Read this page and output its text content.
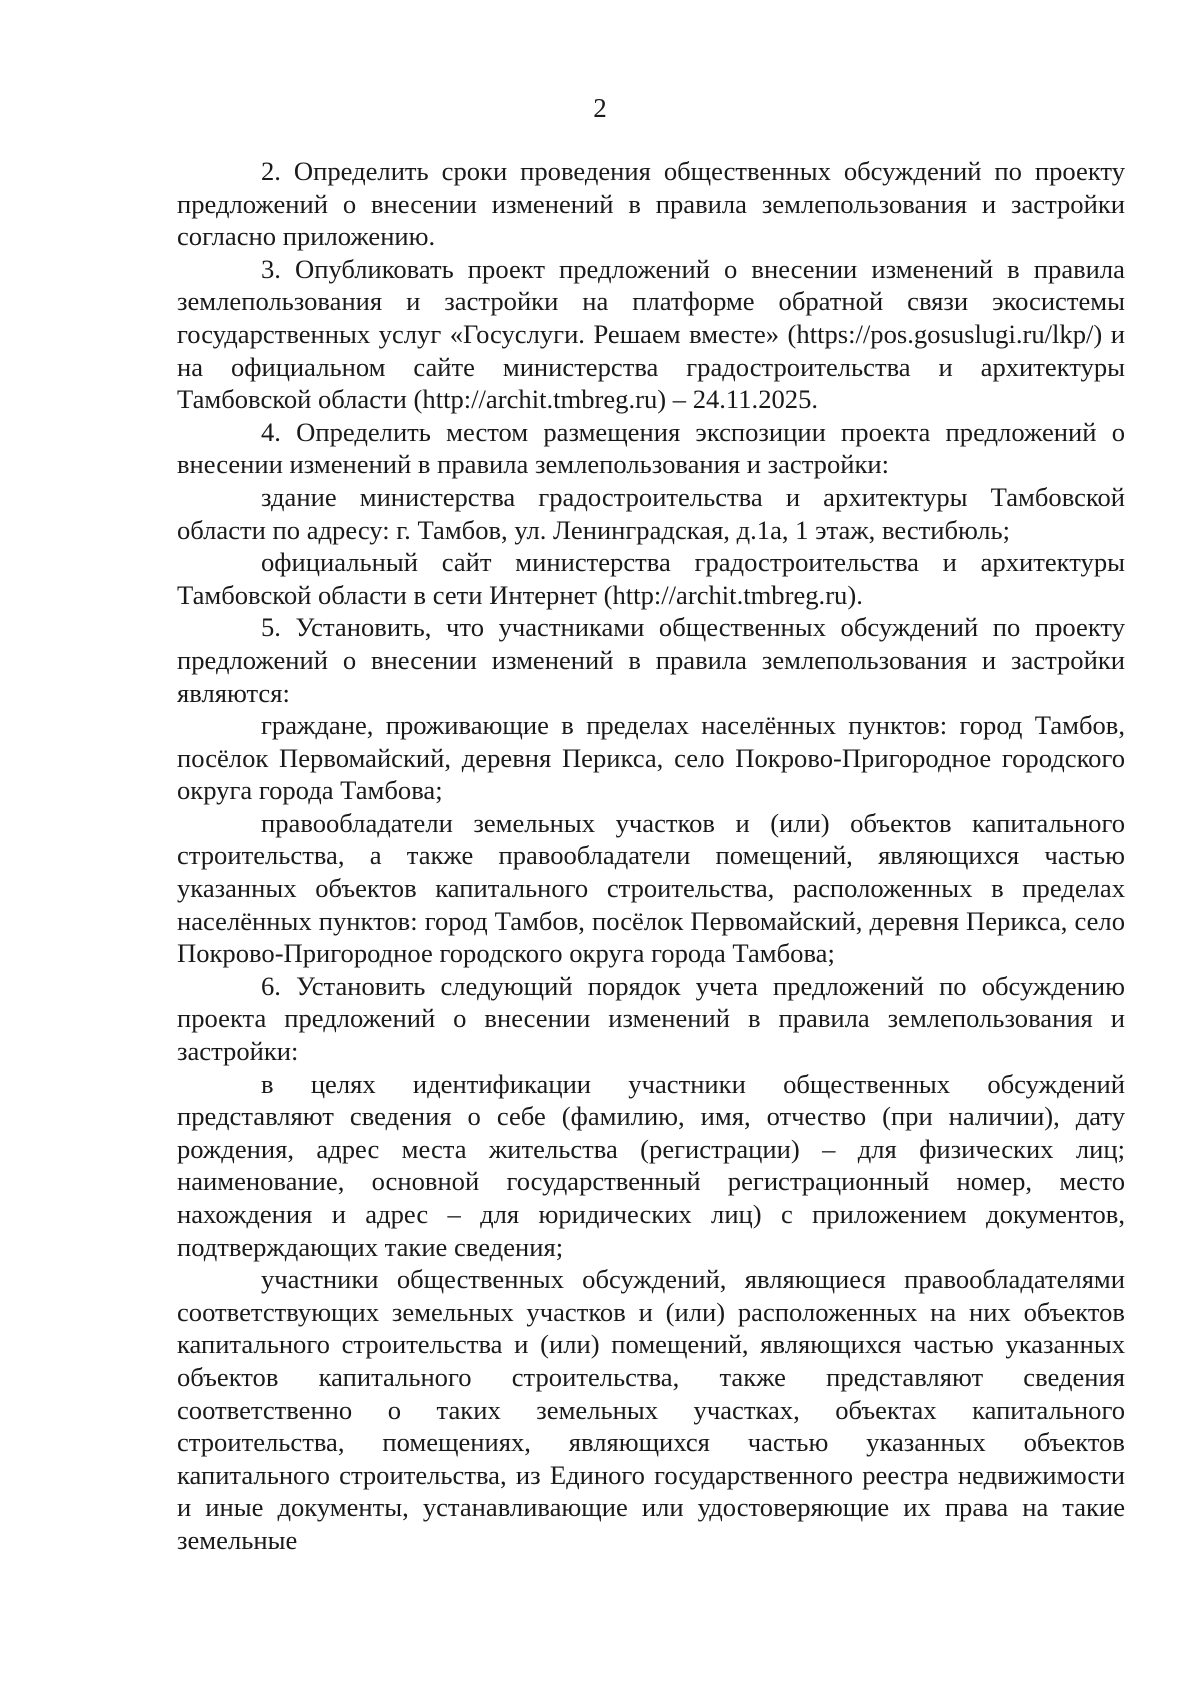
2

2. Определить сроки проведения общественных обсуждений по проекту предложений о внесении изменений в правила землепользования и застройки согласно приложению.

3. Опубликовать проект предложений о внесении изменений в правила землепользования и застройки на платформе обратной связи экосистемы государственных услуг «Госуслуги. Решаем вместе» (https://pos.gosuslugi.ru/lkp/) и на официальном сайте министерства градостроительства и архитектуры Тамбовской области (http://archit.tmbreg.ru) – 24.11.2025.

4. Определить местом размещения экспозиции проекта предложений о внесении изменений в правила землепользования и застройки:

здание министерства градостроительства и архитектуры Тамбовской области по адресу: г. Тамбов, ул. Ленинградская, д.1а, 1 этаж, вестибюль;

официальный сайт министерства градостроительства и архитектуры Тамбовской области в сети Интернет (http://archit.tmbreg.ru).

5. Установить, что участниками общественных обсуждений по проекту предложений о внесении изменений в правила землепользования и застройки являются:

граждане, проживающие в пределах населённых пунктов: город Тамбов, посёлок Первомайский, деревня Перикса, село Покрово-Пригородное городского округа города Тамбова;

правообладатели земельных участков и (или) объектов капитального строительства, а также правообладатели помещений, являющихся частью указанных объектов капитального строительства, расположенных в пределах населённых пунктов: город Тамбов, посёлок Первомайский, деревня Перикса, село Покрово-Пригородное городского округа города Тамбова;

6. Установить следующий порядок учета предложений по обсуждению проекта предложений о внесении изменений в правила землепользования и застройки:

в целях идентификации участники общественных обсуждений представляют сведения о себе (фамилию, имя, отчество (при наличии), дату рождения, адрес места жительства (регистрации) – для физических лиц; наименование, основной государственный регистрационный номер, место нахождения и адрес – для юридических лиц) с приложением документов, подтверждающих такие сведения;

участники общественных обсуждений, являющиеся правообладателями соответствующих земельных участков и (или) расположенных на них объектов капитального строительства и (или) помещений, являющихся частью указанных объектов капитального строительства, также представляют сведения соответственно о таких земельных участках, объектах капитального строительства, помещениях, являющихся частью указанных объектов капитального строительства, из Единого государственного реестра недвижимости и иные документы, устанавливающие или удостоверяющие их права на такие земельные
